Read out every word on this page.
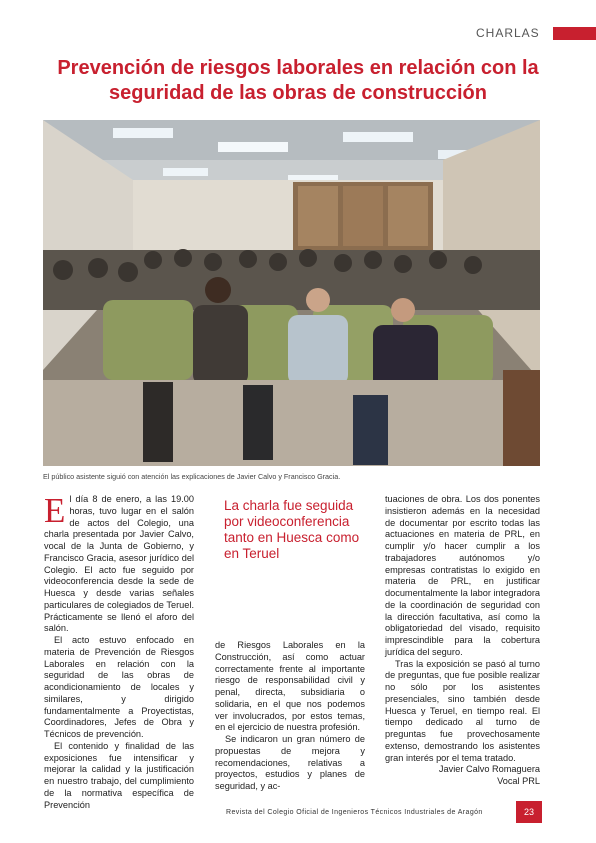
CHARLAS
Prevención de riesgos laborales en relación con la seguridad de las obras de construcción
El público asistente siguió con atención las explicaciones de Javier Calvo y Francisco Gracia.

El día 8 de enero, a las 19.00 horas, tuvo lugar en el salón de actos del Colegio, una charla presentada por Javier Calvo, vocal de la Junta de Gobierno, y Francisco Gracia, asesor jurídico del Colegio. El acto fue seguido por videoconferencia desde la sede de Huesca y desde varias señales particulares de colegiados de Teruel. Prácticamente se llenó el aforo del salón.

El acto estuvo enfocado en materia de Prevención de Riesgos Laborales en relación con la seguridad de las obras de acondicionamiento de locales y similares, y dirigido fundamentalmente a Proyectistas, Coordinadores, Jefes de Obra y Técnicos de prevención.

El contenido y finalidad de las exposiciones fue intensificar y mejorar la calidad y la justificación en nuestro trabajo, del cumplimiento de la normativa específica de Prevención

La charla fue seguida por videoconferencia tanto en Huesca como en Teruel

de Riesgos Laborales en la Construcción, así como actuar correctamente frente al importante riesgo de responsabilidad civil y penal, directa, subsidiaria o solidaria, en el que nos podemos ver involucrados, por estos temas, en el ejercicio de nuestra profesión.

Se indicaron un gran número de propuestas de mejora y recomendaciones, relativas a proyectos, estudios y planes de seguridad, y ac-

tuaciones de obra. Los dos ponentes insistieron además en la necesidad de documentar por escrito todas las actuaciones en materia de PRL, en cumplir y/o hacer cumplir a los trabajadores autónomos y/o empresas contratistas lo exigido en materia de PRL, en justificar documentalmente la labor integradora de la coordinación de seguridad con la dirección facultativa, así como la obligatoriedad del visado, requisito imprescindible para la cobertura jurídica del seguro.

Tras la exposición se pasó al turno de preguntas, que fue posible realizar no sólo por los asistentes presenciales, sino también desde Huesca y Teruel, en tiempo real. El tiempo dedicado al turno de preguntas fue provechosamente extenso, demostrando los asistentes gran interés por el tema tratado.

Javier Calvo Romaguera
Vocal PRL
Revista del Colegio Oficial de Ingenieros Técnicos Industriales de Aragón	23
